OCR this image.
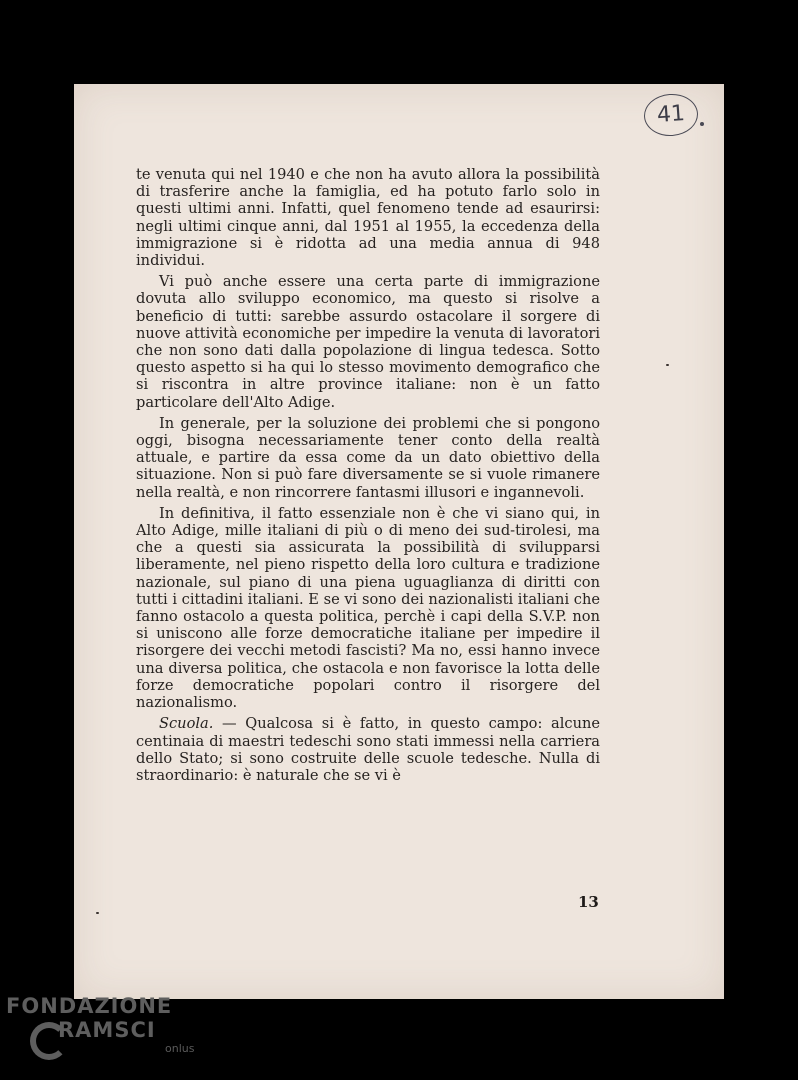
41

te venuta qui nel 1940 e che non ha avuto allora la possibilità di trasferire anche la famiglia, ed ha potuto farlo solo in questi ultimi anni. Infatti, quel fenomeno tende ad esaurirsi: negli ultimi cinque anni, dal 1951 al 1955, la eccedenza della immigrazione si è ridotta ad una media annua di 948 individui.

Vi può anche essere una certa parte di immigrazione dovuta allo sviluppo economico, ma questo si risolve a beneficio di tutti: sarebbe assurdo ostacolare il sorgere di nuove attività economiche per impedire la venuta di lavoratori che non sono dati dalla popolazione di lingua tedesca. Sotto questo aspetto si ha qui lo stesso movimento demografico che si riscontra in altre province italiane: non è un fatto particolare dell'Alto Adige.

In generale, per la soluzione dei problemi che si pongono oggi, bisogna necessariamente tener conto della realtà attuale, e partire da essa come da un dato obiettivo della situazione. Non si può fare diversamente se si vuole rimanere nella realtà, e non rincorrere fantasmi illusori e ingannevoli.

In definitiva, il fatto essenziale non è che vi siano qui, in Alto Adige, mille italiani di più o di meno dei sud-tirolesi, ma che a questi sia assicurata la possibilità di svilupparsi liberamente, nel pieno rispetto della loro cultura e tradizione nazionale, sul piano di una piena uguaglianza di diritti con tutti i cittadini italiani. E se vi sono dei nazionalisti italiani che fanno ostacolo a questa politica, perchè i capi della S.V.P. non si uniscono alle forze democratiche italiane per impedire il risorgere dei vecchi metodi fascisti? Ma no, essi hanno invece una diversa politica, che ostacola e non favorisce la lotta delle forze democratiche popolari contro il risorgere del nazionalismo.

Scuola. — Qualcosa si è fatto, in questo campo: alcune centinaia di maestri tedeschi sono stati immessi nella carriera dello Stato; si sono costruite delle scuole tedesche. Nulla di straordinario: è naturale che se vi è

13
FONDAZIONE
RAMSCI
onlus
